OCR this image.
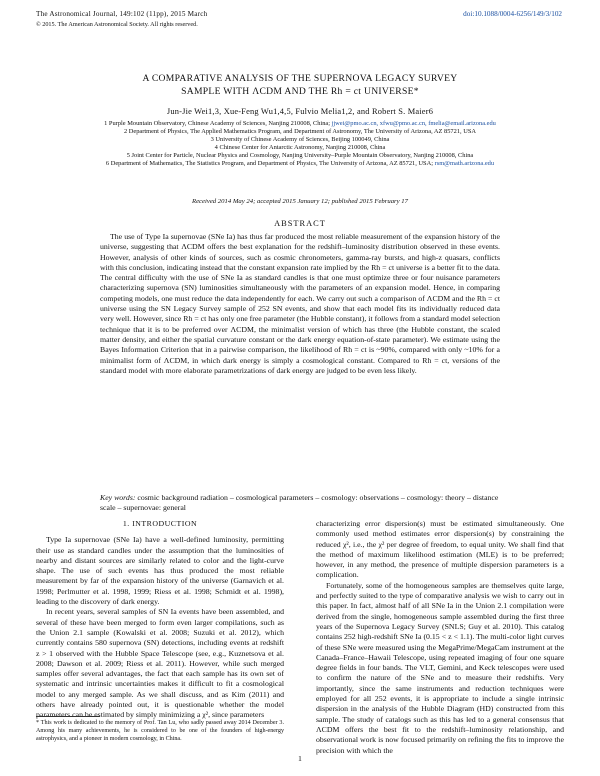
The Astronomical Journal, 149:102 (11pp), 2015 March	doi:10.1088/0004-6256/149/3/102
© 2015. The American Astronomical Society. All rights reserved.
A COMPARATIVE ANALYSIS OF THE SUPERNOVA LEGACY SURVEY
SAMPLE WITH ΛCDM AND THE Rh = ct UNIVERSE*
Jun-Jie Wei1,3, Xue-Feng Wu1,4,5, Fulvio Melia1,2, and Robert S. Maier6
1 Purple Mountain Observatory, Chinese Academy of Sciences, Nanjing 210008, China; jjwei@pmo.ac.cn, xfwu@pmo.ac.cn, fmelia@email.arizona.edu
2 Department of Physics, The Applied Mathematics Program, and Department of Astronomy, The University of Arizona, AZ 85721, USA
3 University of Chinese Academy of Sciences, Beijing 100049, China
4 Chinese Center for Antarctic Astronomy, Nanjing 210008, China
5 Joint Center for Particle, Nuclear Physics and Cosmology, Nanjing University–Purple Mountain Observatory, Nanjing 210008, China
6 Department of Mathematics, The Statistics Program, and Department of Physics, The University of Arizona, AZ 85721, USA; rsm@math.arizona.edu
Received 2014 May 24; accepted 2015 January 12; published 2015 February 17
ABSTRACT

The use of Type Ia supernovae (SNe Ia) has thus far produced the most reliable measurement of the expansion history of the universe, suggesting that ΛCDM offers the best explanation for the redshift–luminosity distribution observed in these events. However, analysis of other kinds of sources, such as cosmic chronometers, gamma-ray bursts, and high-z quasars, conflicts with this conclusion, indicating instead that the constant expansion rate implied by the Rh = ct universe is a better fit to the data. The central difficulty with the use of SNe Ia as standard candles is that one must optimize three or four nuisance parameters characterizing supernova (SN) luminosities simultaneously with the parameters of an expansion model. Hence, in comparing competing models, one must reduce the data independently for each. We carry out such a comparison of ΛCDM and the Rh = ct universe using the SN Legacy Survey sample of 252 SN events, and show that each model fits its individually reduced data very well. However, since Rh = ct has only one free parameter (the Hubble constant), it follows from a standard model selection technique that it is to be preferred over ΛCDM, the minimalist version of which has three (the Hubble constant, the scaled matter density, and either the spatial curvature constant or the dark energy equation-of-state parameter). We estimate using the Bayes Information Criterion that in a pairwise comparison, the likelihood of Rh = ct is ~90%, compared with only ~10% for a minimalist form of ΛCDM, in which dark energy is simply a cosmological constant. Compared to Rh = ct, versions of the standard model with more elaborate parametrizations of dark energy are judged to be even less likely.

Key words: cosmic background radiation – cosmological parameters – cosmology: observations – cosmology: theory – distance scale – supernovae: general
1. INTRODUCTION

Type Ia supernovae (SNe Ia) have a well-defined luminosity, permitting their use as standard candles under the assumption that the luminosities of nearby and distant sources are similarly related to color and the light-curve shape. The use of such events has thus produced the most reliable measurement by far of the expansion history of the universe (Garnavich et al. 1998; Perlmutter et al. 1998, 1999; Riess et al. 1998; Schmidt et al. 1998), leading to the discovery of dark energy.

In recent years, several samples of SN Ia events have been assembled, and several of these have been merged to form even larger compilations, such as the Union 2.1 sample (Kowalski et al. 2008; Suzuki et al. 2012), which currently contains 580 supernova (SN) detections, including events at redshift z > 1 observed with the Hubble Space Telescope (see, e.g., Kuznetsova et al. 2008; Dawson et al. 2009; Riess et al. 2011). However, while such merged samples offer several advantages, the fact that each sample has its own set of systematic and intrinsic uncertainties makes it difficult to fit a cosmological model to any merged sample. As we shall discuss, and as Kim (2011) and others have already pointed out, it is questionable whether the model parameters can be estimated by simply minimizing a χ², since parameters

characterizing error dispersion(s) must be estimated simultaneously. One commonly used method estimates error dispersion(s) by constraining the reduced χ², i.e., the χ² per degree of freedom, to equal unity. We shall find that the method of maximum likelihood estimation (MLE) is to be preferred; however, in any method, the presence of multiple dispersion parameters is a complication.

Fortunately, some of the homogeneous samples are themselves quite large, and perfectly suited to the type of comparative analysis we wish to carry out in this paper. In fact, almost half of all SNe Ia in the Union 2.1 compilation were derived from the single, homogeneous sample assembled during the first three years of the Supernova Legacy Survey (SNLS; Guy et al. 2010). This catalog contains 252 high-redshift SNe Ia (0.15 < z < 1.1). The multi-color light curves of these SNe were measured using the MegaPrime/MegaCam instrument at the Canada–France–Hawaii Telescope, using repeated imaging of four one square degree fields in four bands. The VLT, Gemini, and Keck telescopes were used to confirm the nature of the SNe and to measure their redshifts. Very importantly, since the same instruments and reduction techniques were employed for all 252 events, it is appropriate to include a single intrinsic dispersion in the analysis of the Hubble Diagram (HD) constructed from this sample. The study of catalogs such as this has led to a general consensus that ΛCDM offers the best fit to the redshift–luminosity relationship, and observational work is now focused primarily on refining the fits to improve the precision with which the

* This work is dedicated to the memory of Prof. Tan Lu, who sadly passed away 2014 December 3. Among his many achievements, he is considered to be one of the founders of high-energy astrophysics, and a pioneer in modern cosmology, in China.
1
